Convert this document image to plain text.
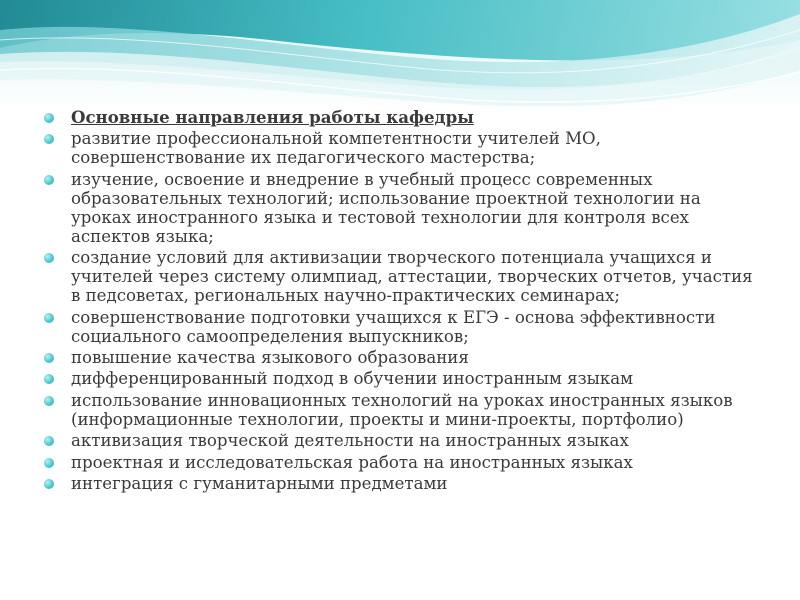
Основные направления работы кафедры
развитие профессиональной компетентности учителей МО, совершенствование их педагогического мастерства;
изучение, освоение и внедрение в учебный процесс современных образовательных технологий; использование проектной технологии на уроках иностранного языка и тестовой технологии для контроля всех аспектов языка;
создание условий для активизации творческого потенциала учащихся и учителей через систему олимпиад, аттестации, творческих отчетов, участия в педсоветах, региональных научно-практических семинарах;
совершенствование подготовки учащихся к ЕГЭ - основа эффективности социального самоопределения выпускников;
повышение качества языкового образования
дифференцированный подход в обучении иностранным языкам
использование инновационных технологий на уроках иностранных языков (информационные технологии, проекты и мини-проекты, портфолио)
активизация творческой деятельности на иностранных языках
проектная и исследовательская работа на иностранных языках
интеграция с гуманитарными предметами
